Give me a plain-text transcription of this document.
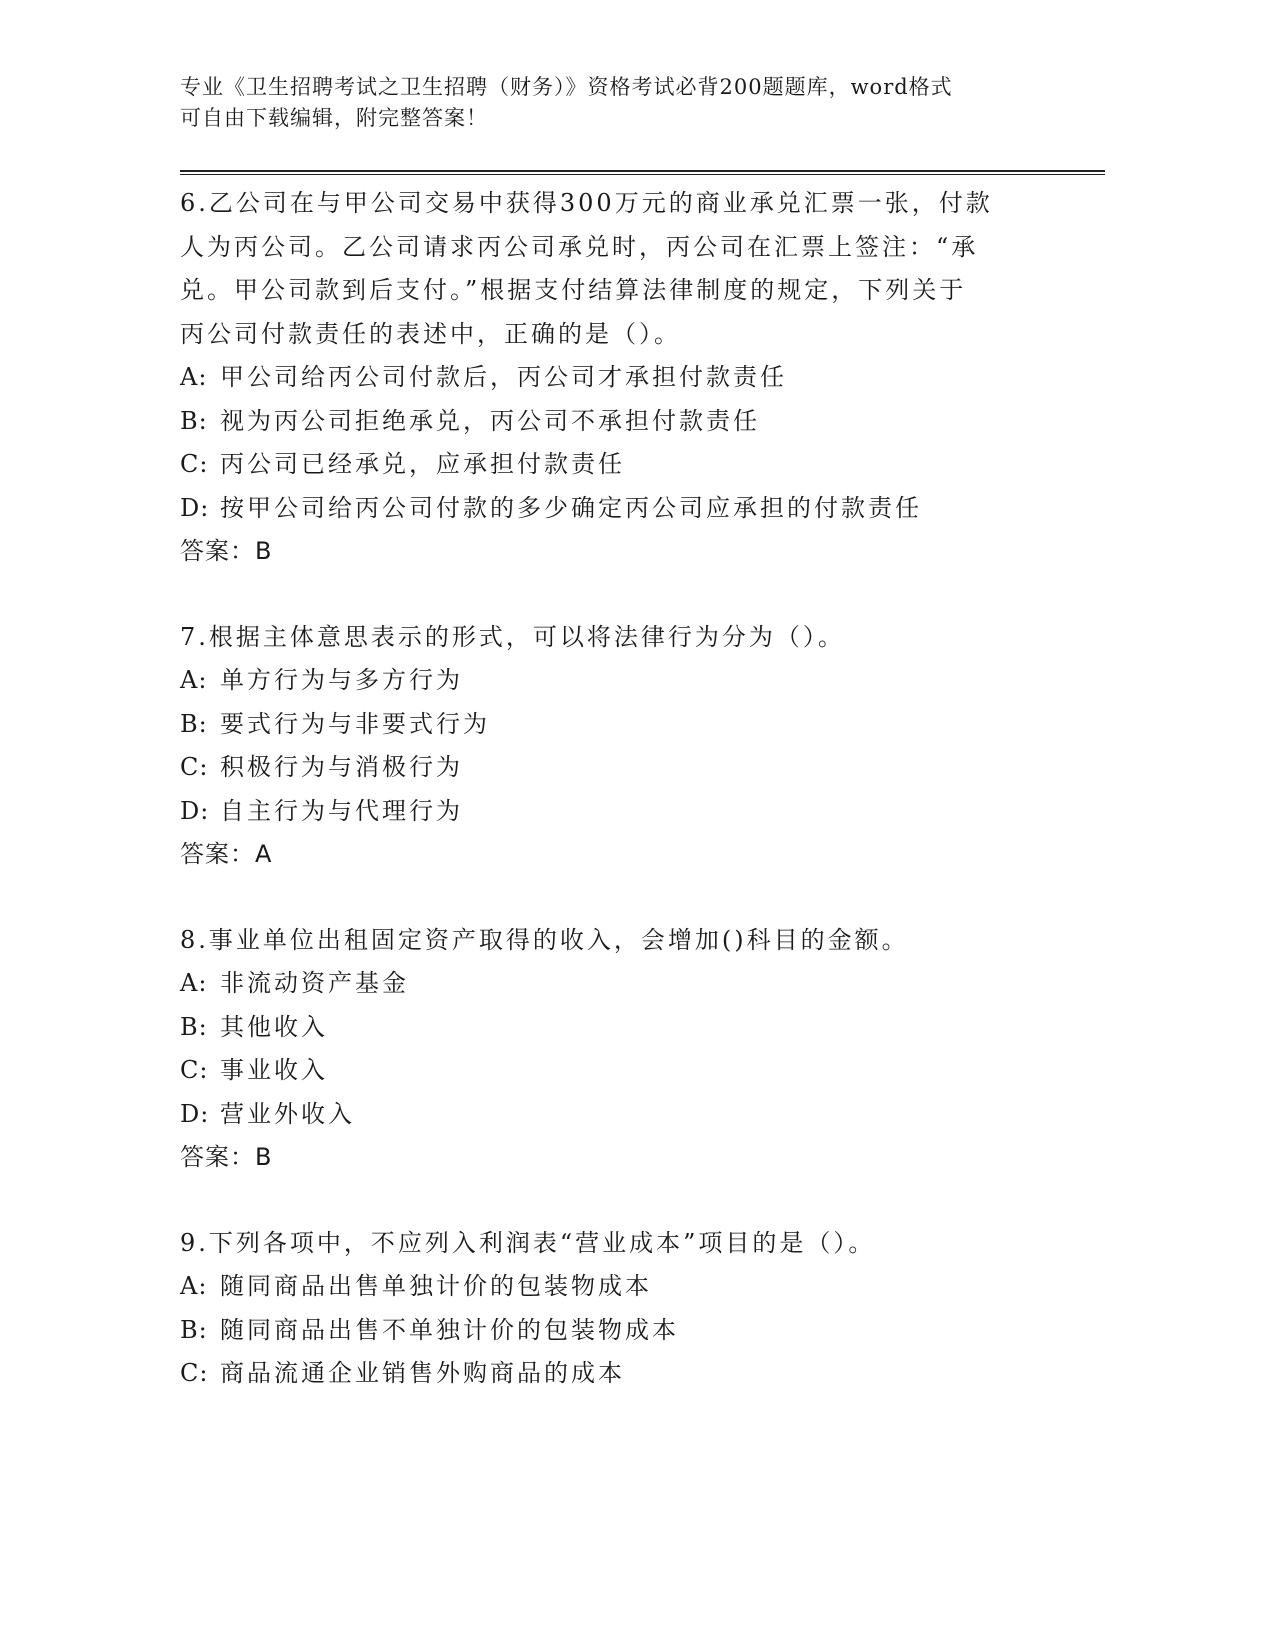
专业《卫生招聘考试之卫生招聘（财务）》资格考试必背200题题库，word格式
可自由下载编辑，附完整答案！
6.乙公司在与甲公司交易中获得300万元的商业承兑汇票一张，付款
人为丙公司。乙公司请求丙公司承兑时，丙公司在汇票上签注：“承
兑。甲公司款到后支付。”根据支付结算法律制度的规定，下列关于
丙公司付款责任的表述中，正确的是（）。
A: 甲公司给丙公司付款后，丙公司才承担付款责任
B: 视为丙公司拒绝承兑，丙公司不承担付款责任
C: 丙公司已经承兑，应承担付款责任
D: 按甲公司给丙公司付款的多少确定丙公司应承担的付款责任
答案：B
7.根据主体意思表示的形式，可以将法律行为分为（）。
A: 单方行为与多方行为
B: 要式行为与非要式行为
C: 积极行为与消极行为
D: 自主行为与代理行为
答案：A
8.事业单位出租固定资产取得的收入，会增加()科目的金额。
A: 非流动资产基金
B: 其他收入
C: 事业收入
D: 营业外收入
答案：B
9.下列各项中，不应列入利润表“营业成本”项目的是（）。
A: 随同商品出售单独计价的包装物成本
B: 随同商品出售不单独计价的包装物成本
C: 商品流通企业销售外购商品的成本
